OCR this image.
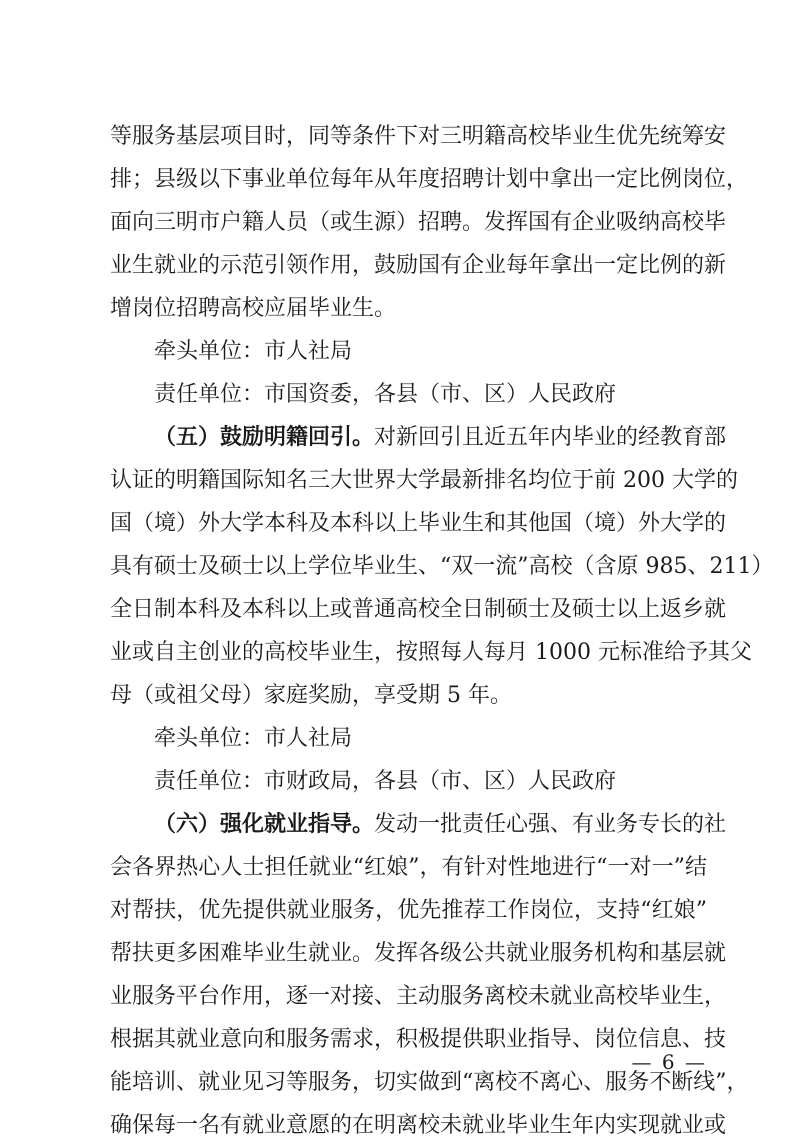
等服务基层项目时，同等条件下对三明籍高校毕业生优先统筹安
排；县级以下事业单位每年从年度招聘计划中拿出一定比例岗位，
面向三明市户籍人员（或生源）招聘。发挥国有企业吸纳高校毕
业生就业的示范引领作用，鼓励国有企业每年拿出一定比例的新
增岗位招聘高校应届毕业生。
牵头单位：市人社局
责任单位：市国资委，各县（市、区）人民政府
（五）鼓励明籍回引。对新回引且近五年内毕业的经教育部
认证的明籍国际知名三大世界大学最新排名均位于前 200 大学的
国（境）外大学本科及本科以上毕业生和其他国（境）外大学的
具有硕士及硕士以上学位毕业生、“双一流”高校（含原 985、211）
全日制本科及本科以上或普通高校全日制硕士及硕士以上返乡就
业或自主创业的高校毕业生，按照每人每月 1000 元标准给予其父
母（或祖父母）家庭奖励，享受期 5 年。
牵头单位：市人社局
责任单位：市财政局，各县（市、区）人民政府
（六）强化就业指导。发动一批责任心强、有业务专长的社
会各界热心人士担任就业“红娘”，有针对性地进行“一对一”结
对帮扶，优先提供就业服务，优先推荐工作岗位，支持“红娘”
帮扶更多困难毕业生就业。发挥各级公共就业服务机构和基层就
业服务平台作用，逐一对接、主动服务离校未就业高校毕业生，
根据其就业意向和服务需求，积极提供职业指导、岗位信息、技
能培训、就业见习等服务，切实做到“离校不离心、服务不断线”，
确保每一名有就业意愿的在明离校未就业毕业生年内实现就业或
— 6 —
